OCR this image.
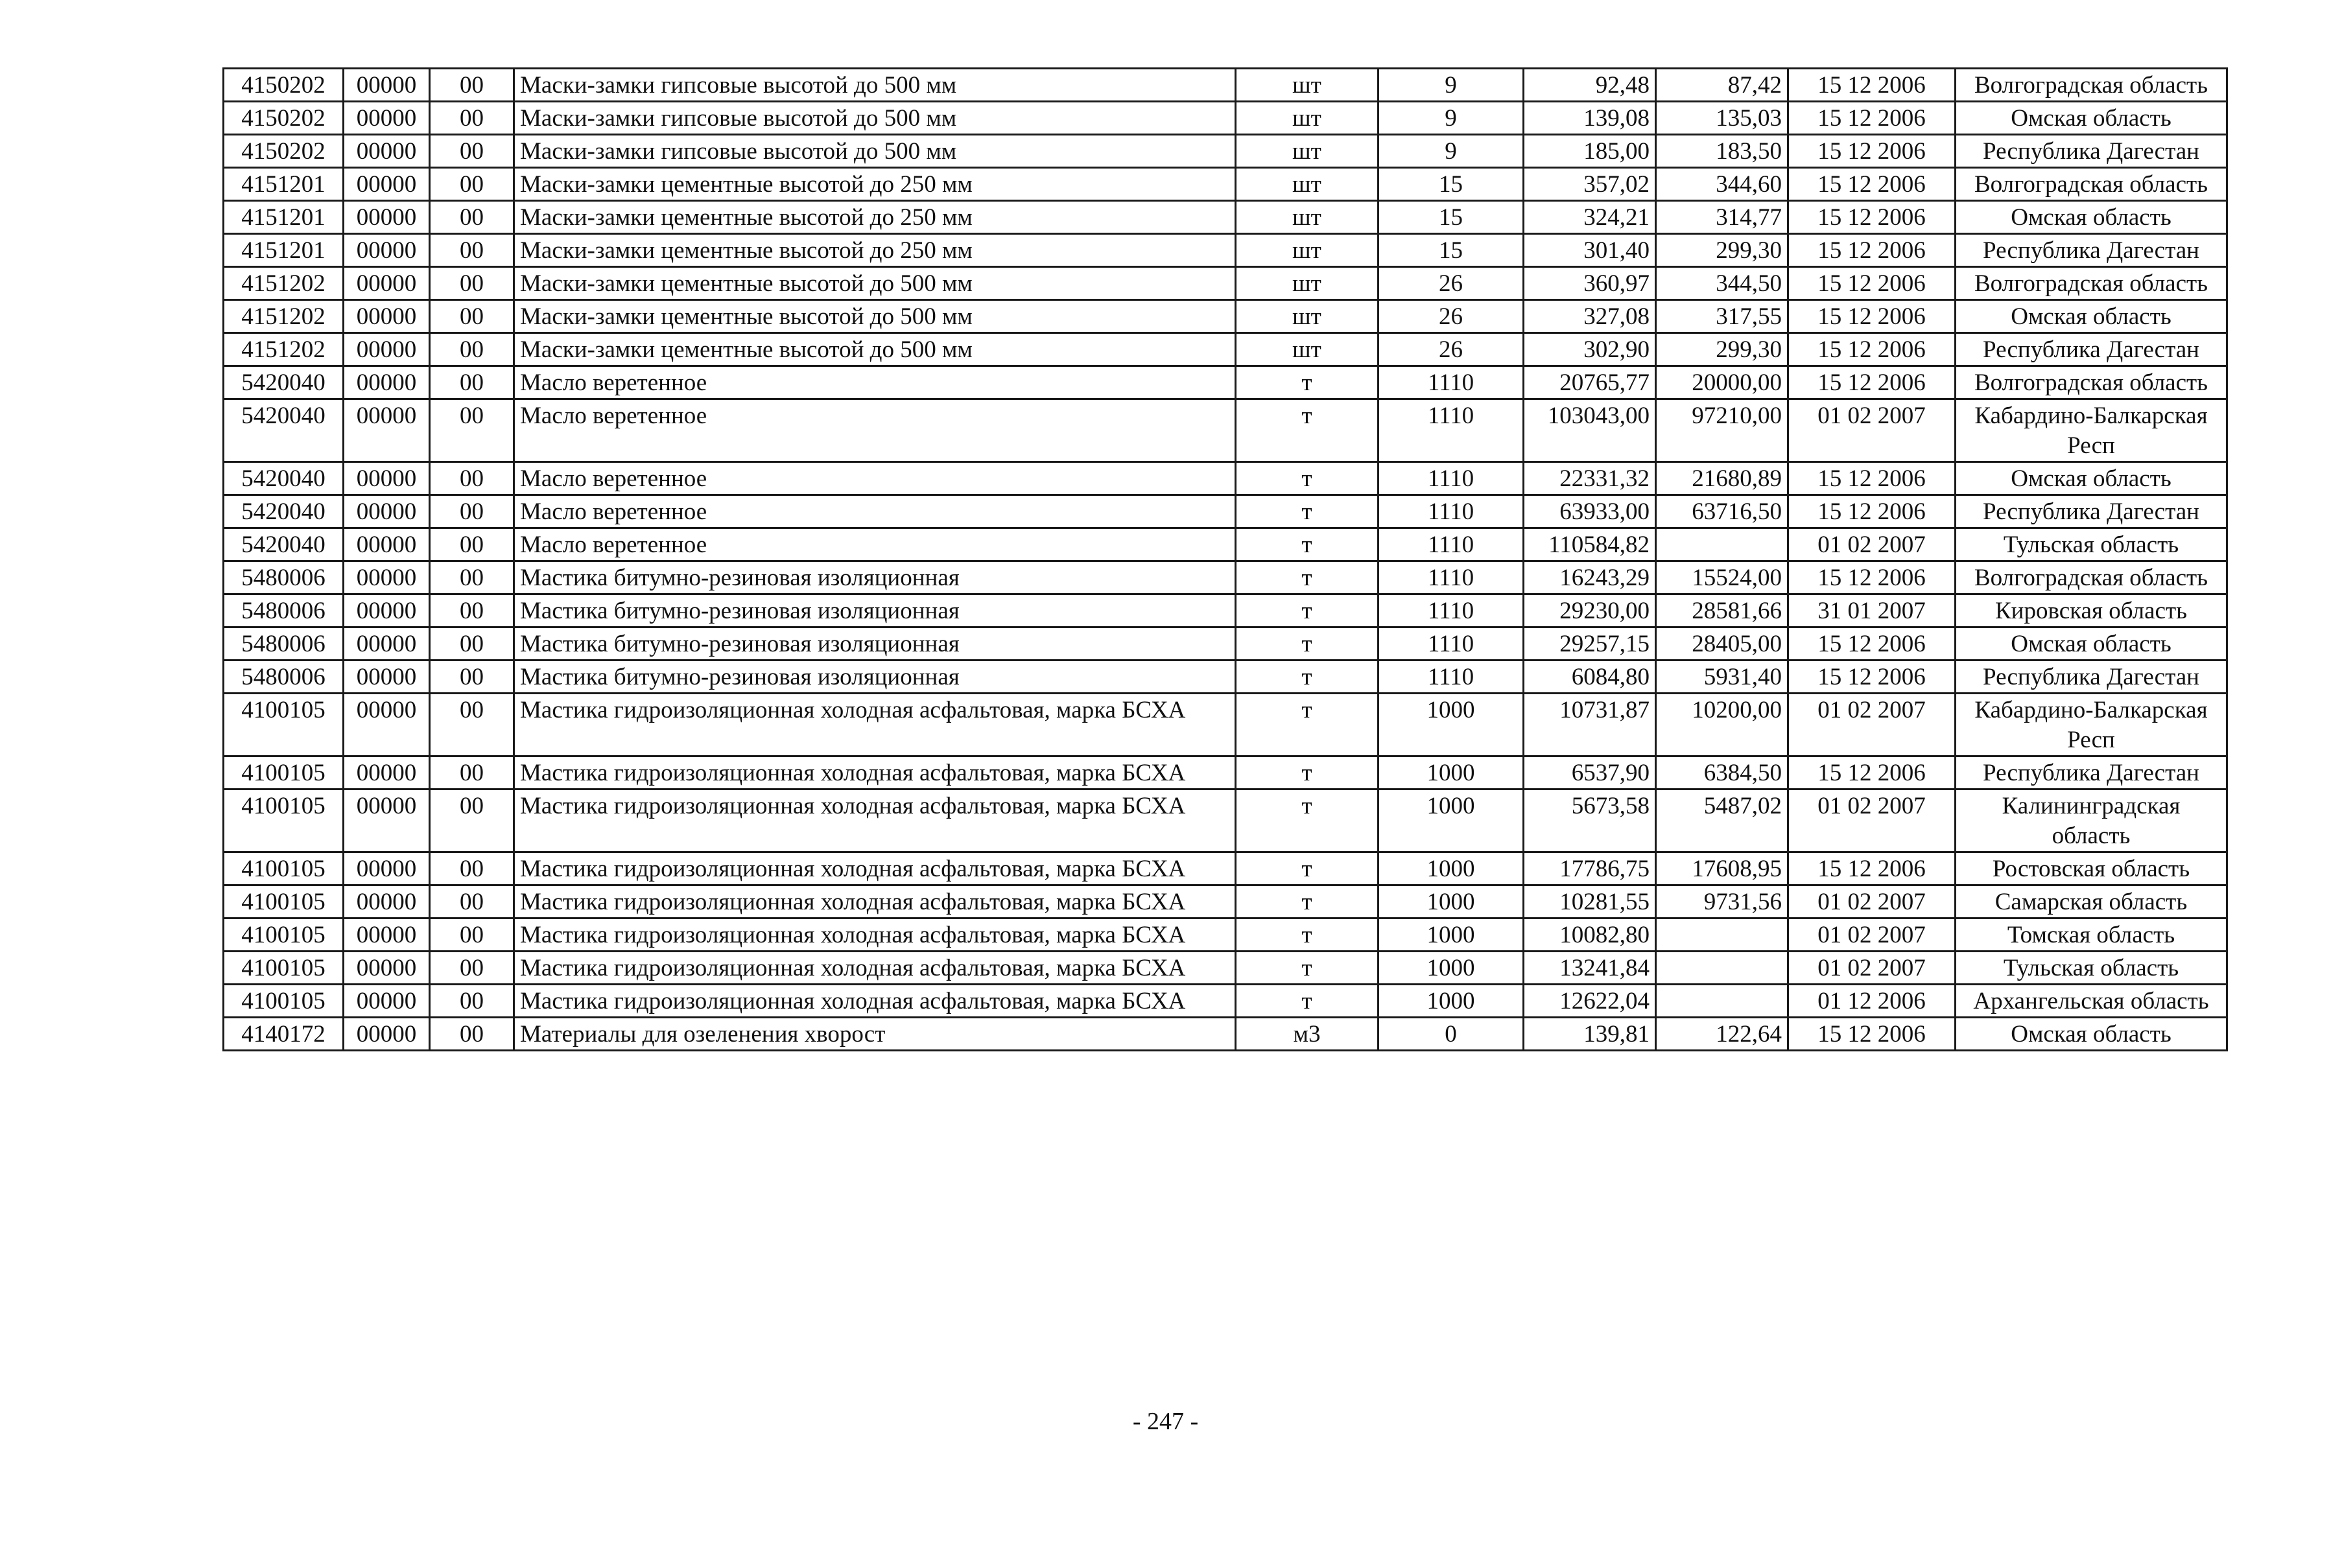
4150202	00000	00	Маски-замки гипсовые высотой до 500 мм	шт	9	92,48	87,42	15 12 2006	Волгоградская область
4150202	00000	00	Маски-замки гипсовые высотой до 500 мм	шт	9	139,08	135,03	15 12 2006	Омская область
4150202	00000	00	Маски-замки гипсовые высотой до 500 мм	шт	9	185,00	183,50	15 12 2006	Республика Дагестан
4151201	00000	00	Маски-замки цементные высотой до 250 мм	шт	15	357,02	344,60	15 12 2006	Волгоградская область
4151201	00000	00	Маски-замки цементные высотой до 250 мм	шт	15	324,21	314,77	15 12 2006	Омская область
4151201	00000	00	Маски-замки цементные высотой до 250 мм	шт	15	301,40	299,30	15 12 2006	Республика Дагестан
4151202	00000	00	Маски-замки цементные высотой до 500 мм	шт	26	360,97	344,50	15 12 2006	Волгоградская область
4151202	00000	00	Маски-замки цементные высотой до 500 мм	шт	26	327,08	317,55	15 12 2006	Омская область
4151202	00000	00	Маски-замки цементные высотой до 500 мм	шт	26	302,90	299,30	15 12 2006	Республика Дагестан
5420040	00000	00	Масло веретенное	т	1110	20765,77	20000,00	15 12 2006	Волгоградская область
5420040	00000	00	Масло веретенное	т	1110	103043,00	97210,00	01 02 2007	Кабардино-Балкарская Респ
5420040	00000	00	Масло веретенное	т	1110	22331,32	21680,89	15 12 2006	Омская область
5420040	00000	00	Масло веретенное	т	1110	63933,00	63716,50	15 12 2006	Республика Дагестан
5420040	00000	00	Масло веретенное	т	1110	110584,82		01 02 2007	Тульская область
5480006	00000	00	Мастика битумно-резиновая изоляционная	т	1110	16243,29	15524,00	15 12 2006	Волгоградская область
5480006	00000	00	Мастика битумно-резиновая изоляционная	т	1110	29230,00	28581,66	31 01 2007	Кировская область
5480006	00000	00	Мастика битумно-резиновая изоляционная	т	1110	29257,15	28405,00	15 12 2006	Омская область
5480006	00000	00	Мастика битумно-резиновая изоляционная	т	1110	6084,80	5931,40	15 12 2006	Республика Дагестан
4100105	00000	00	Мастика гидроизоляционная холодная асфальтовая, марка БСХА	т	1000	10731,87	10200,00	01 02 2007	Кабардино-Балкарская Респ
4100105	00000	00	Мастика гидроизоляционная холодная асфальтовая, марка БСХА	т	1000	6537,90	6384,50	15 12 2006	Республика Дагестан
4100105	00000	00	Мастика гидроизоляционная холодная асфальтовая, марка БСХА	т	1000	5673,58	5487,02	01 02 2007	Калининградская область
4100105	00000	00	Мастика гидроизоляционная холодная асфальтовая, марка БСХА	т	1000	17786,75	17608,95	15 12 2006	Ростовская область
4100105	00000	00	Мастика гидроизоляционная холодная асфальтовая, марка БСХА	т	1000	10281,55	9731,56	01 02 2007	Самарская область
4100105	00000	00	Мастика гидроизоляционная холодная асфальтовая, марка БСХА	т	1000	10082,80		01 02 2007	Томская область
4100105	00000	00	Мастика гидроизоляционная холодная асфальтовая, марка БСХА	т	1000	13241,84		01 02 2007	Тульская область
4100105	00000	00	Мастика гидроизоляционная холодная асфальтовая, марка БСХА	т	1000	12622,04		01 12 2006	Архангельская область
4140172	00000	00	Материалы для озеленения хворост	м3	0	139,81	122,64	15 12 2006	Омская область
- 247 -
